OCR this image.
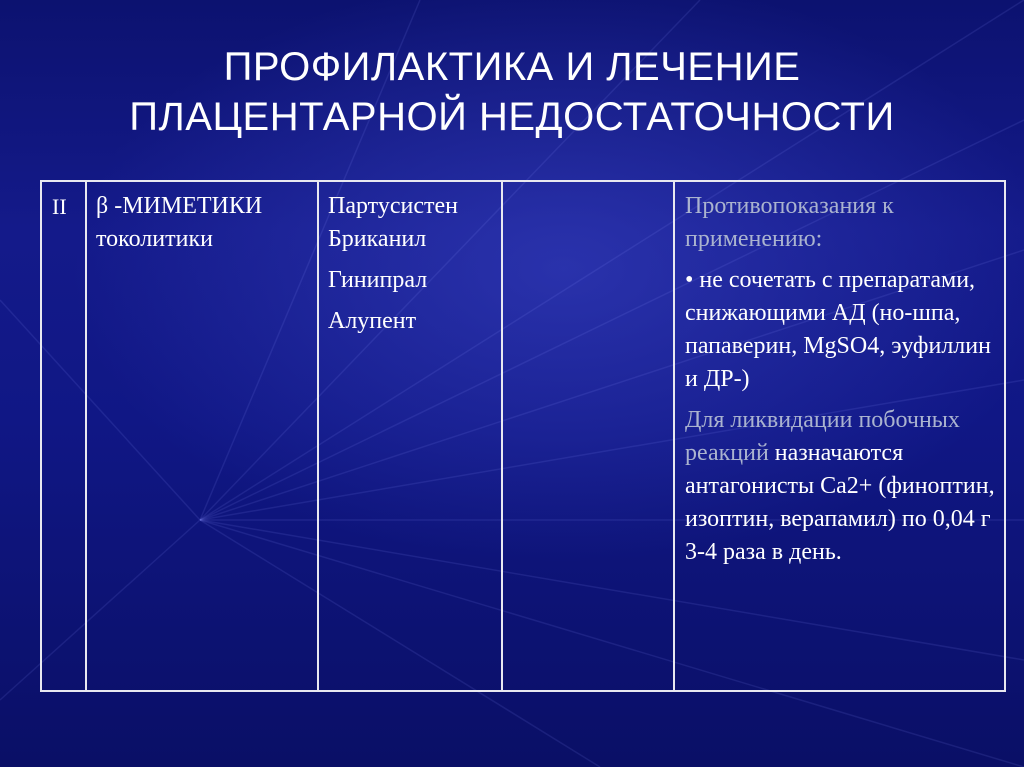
ПРОФИЛАКТИКА И ЛЕЧЕНИЕ
ПЛАЦЕНТАРНОЙ НЕДОСТАТОЧНОСТИ
II	β -МИМЕТИКИ
токолитики
Партусистен
Бриканил
Гинипрал
Алупент

Противопоказания к применению:

• не сочетать с препаратами, снижающими АД (но-шпа, папаверин, MgSO4, эуфиллин и ДР-)

Для ликвидации побочных реакций назначаются антагонисты Ca2+ (финоптин, изоптин, верапамил) по 0,04 г 3-4 раза в день.
